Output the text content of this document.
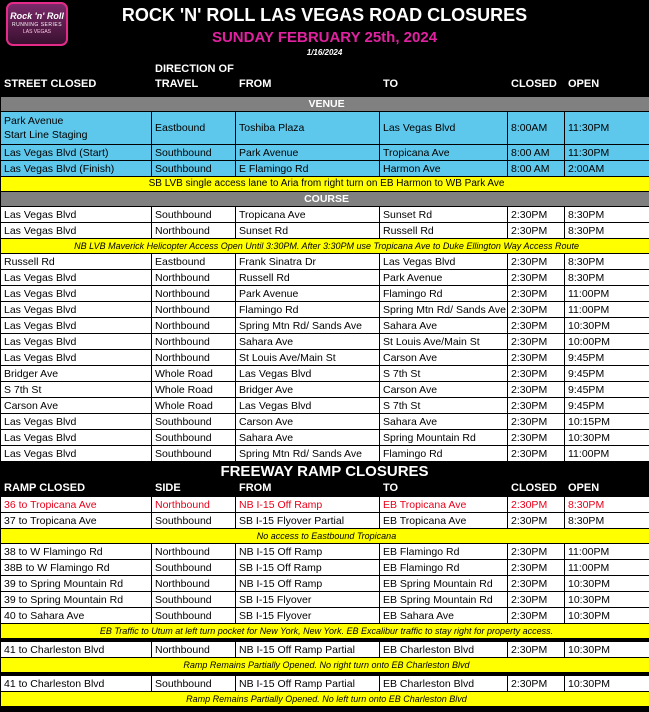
Rock 'n' Roll
RUNNING SERIES
LAS VEGAS
ROCK 'N' ROLL LAS VEGAS ROAD CLOSURES
SUNDAY FEBRUARY 25th, 2024
1/16/2024
STREET CLOSED
DIRECTION OF
TRAVEL	FROM	TO	CLOSED OPEN
VENUE					
Park Avenue
Start Line Staging	Eastbound	Toshiba Plaza	Las Vegas Blvd	8:00AM	11:30PM
Las Vegas Blvd (Start)	Southbound	Park Avenue	Tropicana Ave	8:00 AM	11:30PM
Las Vegas Blvd (Finish)	Southbound	E Flamingo Rd	Harmon Ave	8:00 AM	2:00AM
SB LVB single access lane to Aria from right turn on EB Harmon to WB Park Ave					
COURSE					
Las Vegas Blvd	Southbound	Tropicana Ave	Sunset Rd	2:30PM	8:30PM
Las Vegas Blvd	Northbound	Sunset Rd	Russell Rd	2:30PM	8:30PM
NB LVB Maverick Helicopter Access Open Until 3:30PM. After 3:30PM use Tropicana Ave to Duke Ellington Way Access Route					
Russell Rd	Eastbound	Frank Sinatra Dr	Las Vegas Blvd	2:30PM	8:30PM
Las Vegas Blvd	Northbound	Russell Rd	Park Avenue	2:30PM	8:30PM
Las Vegas Blvd	Northbound	Park Avenue	Flamingo Rd	2:30PM	11:00PM
Las Vegas Blvd	Northbound	Flamingo Rd	Spring Mtn Rd/ Sands Ave	2:30PM	11:00PM
Las Vegas Blvd	Northbound	Spring Mtn Rd/ Sands Ave	Sahara Ave	2:30PM	10:30PM
Las Vegas Blvd	Northbound	Sahara Ave	St Louis Ave/Main St	2:30PM	10:00PM
Las Vegas Blvd	Northbound	St Louis Ave/Main St	Carson Ave	2:30PM	9:45PM
Bridger Ave	Whole Road	Las Vegas Blvd	S 7th St	2:30PM	9:45PM
S 7th St	Whole Road	Bridger Ave	Carson Ave	2:30PM	9:45PM
Carson Ave	Whole Road	Las Vegas Blvd	S 7th St	2:30PM	9:45PM
Las Vegas Blvd	Southbound	Carson Ave	Sahara Ave	2:30PM	10:15PM
Las Vegas Blvd	Southbound	Sahara Ave	Spring Mountain Rd	2:30PM	10:30PM
Las Vegas Blvd	Southbound	Spring Mtn Rd/ Sands Ave	Flamingo Rd	2:30PM	11:00PM
FREEWAY RAMP CLOSURES
RAMP CLOSED	SIDE	FROM	TO	CLOSED OPEN
36 to Tropicana Ave	Northbound	NB I-15 Off Ramp	EB Tropicana Ave	2:30PM	8:30PM
37 to Tropicana Ave	Southbound	SB I-15 Flyover Partial	EB Tropicana Ave	2:30PM	8:30PM
No access to Eastbound Tropicana					
38 to W Flamingo Rd	Northbound	NB I-15 Off Ramp	EB Flamingo Rd	2:30PM	11:00PM
38B to W Flamingo Rd	Southbound	SB I-15 Off Ramp	EB Flamingo Rd	2:30PM	11:00PM
39 to Spring Mountain Rd	Northbound	NB I-15 Off Ramp	EB Spring Mountain Rd	2:30PM	10:30PM
39 to Spring Mountain Rd	Southbound	SB I-15 Flyover	EB Spring Mountain Rd	2:30PM	10:30PM
40 to Sahara Ave	Southbound	SB I-15 Flyover	EB Sahara Ave	2:30PM	10:30PM
EB Traffic to Utum at left turn pocket for New York, New York. EB Excalibur traffic to stay right for property access.					

41 to Charleston Blvd	Northbound	NB I-15 Off Ramp Partial	EB Charleston Blvd	2:30PM	10:30PM
Ramp Remains Partially Opened. No right turn onto EB Charleston Blvd					

41 to Charleston Blvd	Southbound	NB I-15 Off Ramp Partial	EB Charleston Blvd	2:30PM	10:30PM
Ramp Remains Partially Opened. No left turn onto EB Charleston Blvd					
